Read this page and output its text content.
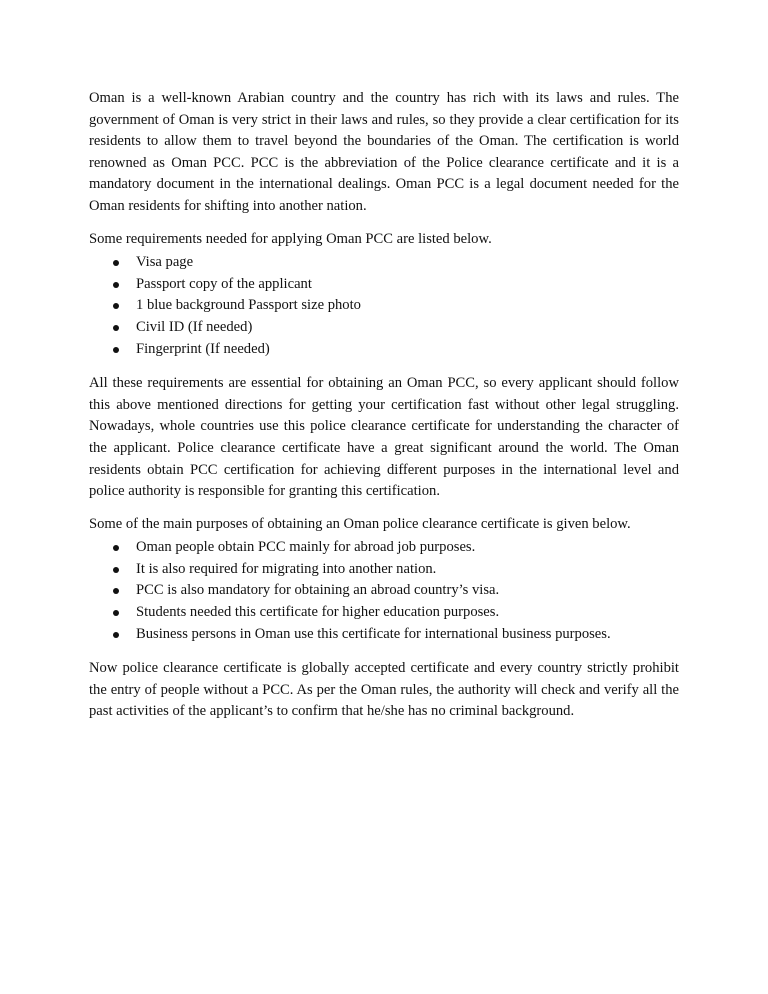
Oman is a well-known Arabian country and the country has rich with its laws and rules. The government of Oman is very strict in their laws and rules, so they provide a clear certification for its residents to allow them to travel beyond the boundaries of the Oman. The certification is world renowned as Oman PCC. PCC is the abbreviation of the Police clearance certificate and it is a mandatory document in the international dealings. Oman PCC is a legal document needed for the Oman residents for shifting into another nation.

Some requirements needed for applying Oman PCC are listed below.

Visa page
Passport copy of the applicant
1 blue background Passport size photo
Civil ID (If needed)
Fingerprint (If needed)

All these requirements are essential for obtaining an Oman PCC, so every applicant should follow this above mentioned directions for getting your certification fast without other legal struggling. Nowadays, whole countries use this police clearance certificate for understanding the character of the applicant. Police clearance certificate have a great significant around the world. The Oman residents obtain PCC certification for achieving different purposes in the international level and police authority is responsible for granting this certification.

Some of the main purposes of obtaining an Oman police clearance certificate is given below.

Oman people obtain PCC mainly for abroad job purposes.
It is also required for migrating into another nation.
PCC is also mandatory for obtaining an abroad country’s visa.
Students needed this certificate for higher education purposes.
Business persons in Oman use this certificate for international business purposes.

Now police clearance certificate is globally accepted certificate and every country strictly prohibit the entry of people without a PCC. As per the Oman rules, the authority will check and verify all the past activities of the applicant’s to confirm that he/she has no criminal background.
